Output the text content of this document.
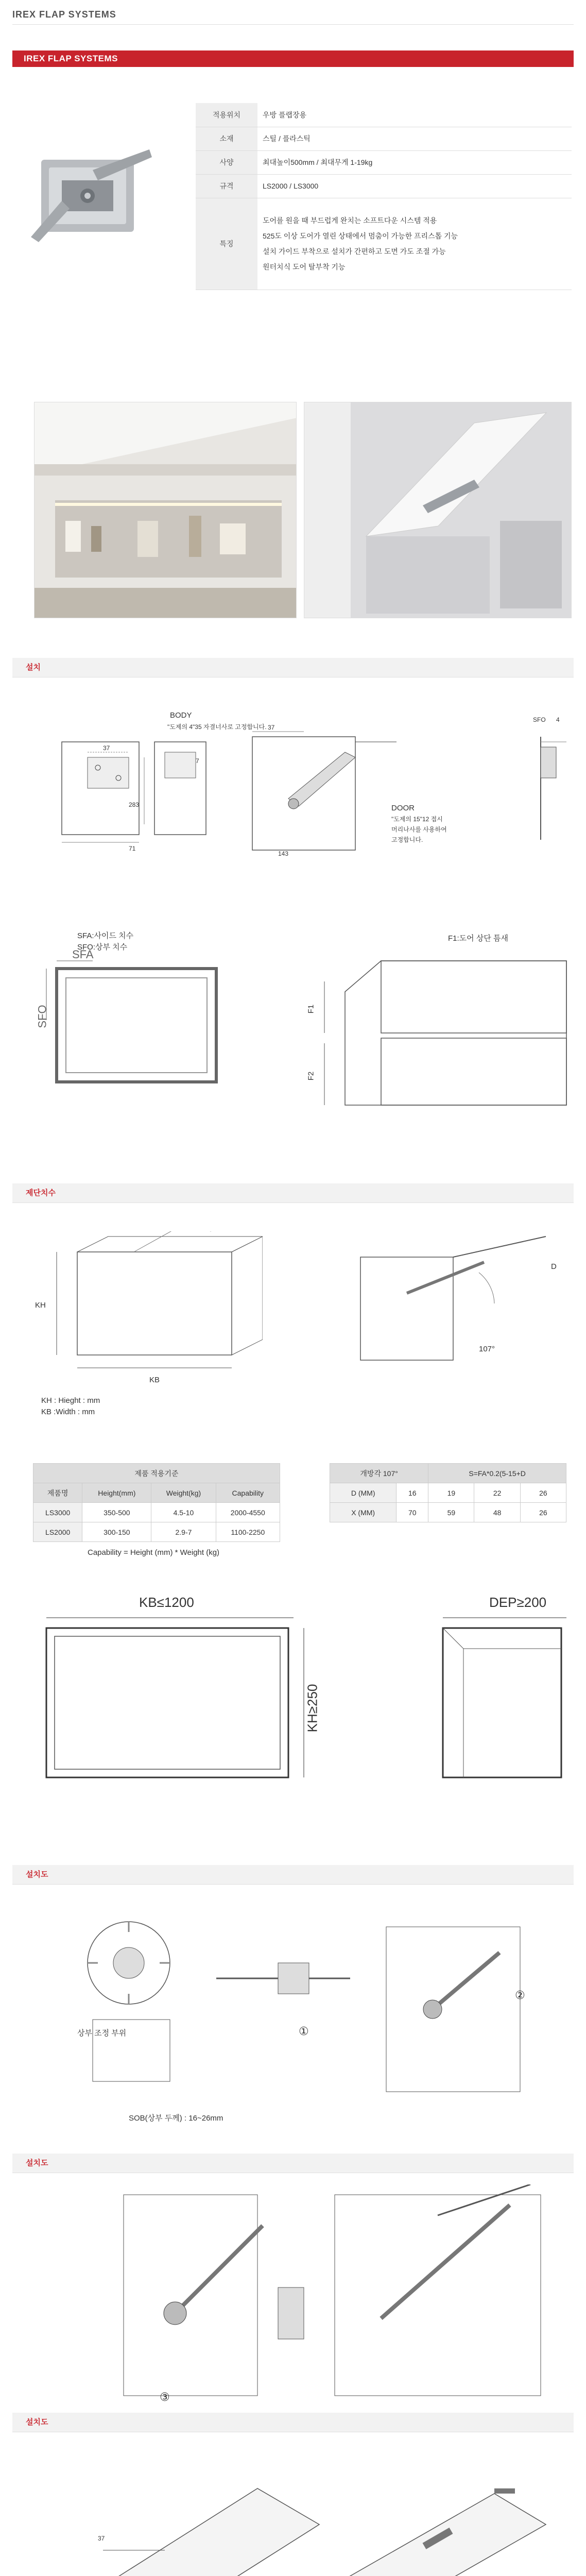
IREX FLAP SYSTEMS
IREX FLAP SYSTEMS
적용위치	우방 플랩장용
소재	스틸 / 플라스틱
사양	최대높이500mm / 최대무게 1-19kg
규격	LS2000 / LS3000
특징	도어를 원을 때 부드럽게 완치는 소프트다운 시스템 적용
525도 이상 도어가 열린 상태에서 멈춤이 가능한 프리스톱 기능
설치 가이드 부착으로 설치가 간편하고 도면 가도 조절 가능
원터치식 도어 탈부착 기능
설치
BODY
"도제의 4"35 자결너사로 고정합니다.
37
283
71
7
DOOR
"도제의 15"12 접시
머리나사를 사용하여
고정합니다.
37
143
SFO 4
SFA:사이드 치수
SFO:상부 치수
SFA
SFO
F1:도어 상단 틈새
F1
F2
제단치수
KH
KB
KH : Hieght : mm
KB :Width : mm
107°
D
제품 적용기준			
제품명	Height(mm)	Weight(kg)	Capability
LS3000	350-500	4.5-10	2000-4550
LS2000	300-150	2.9-7	1100-2250
Capability = Height (mm) * Weight (kg)
개방각 107°		S=FA*0.2(5-15+D		
D (MM)	16	19	22	26
X (MM)	70	59	48	26
KB≤1200
KH≥250
DEP≥200
설치도
상부 조정 부위	①
②
SOB(상부 두께) : 16~26mm
설치도
③
설치도
37
